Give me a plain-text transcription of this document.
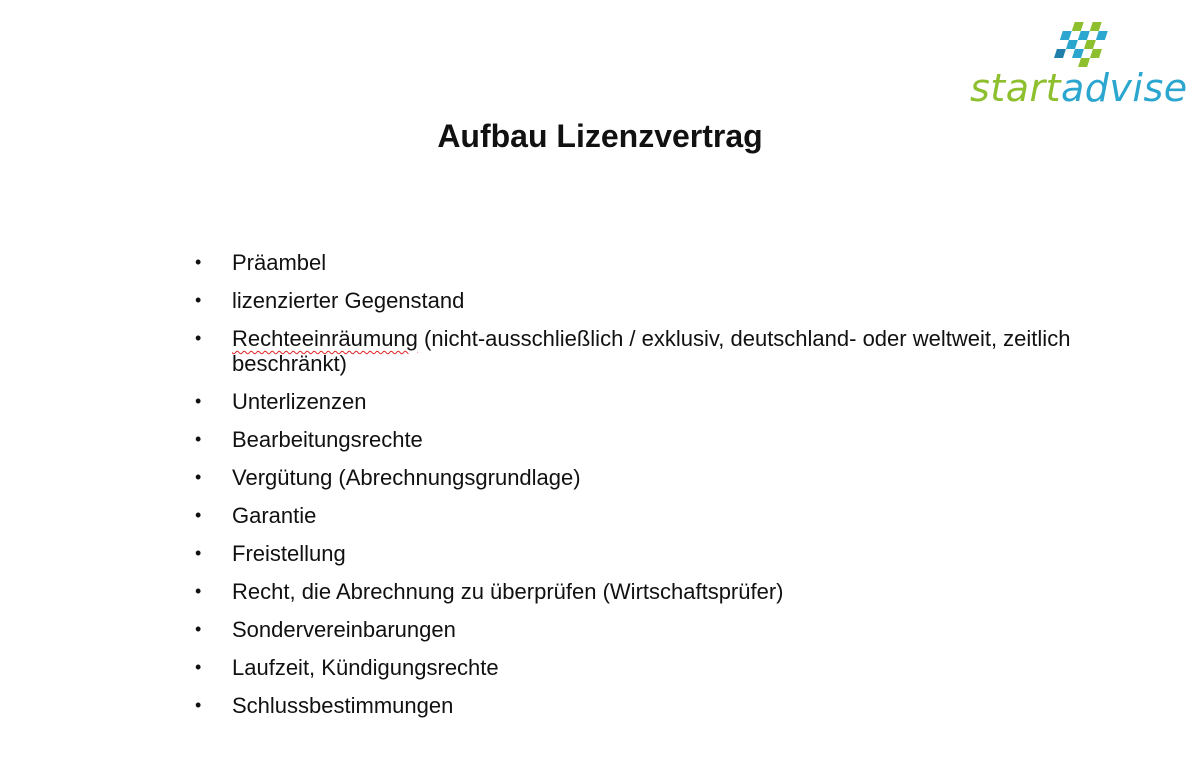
startadvise
Aufbau Lizenzvertrag
• Präambel
• lizenzierter Gegenstand
• Rechteeinräumung (nicht-ausschließlich / exklusiv, deutschland- oder weltweit, zeitlich beschränkt)
• Unterlizenzen
• Bearbeitungsrechte
• Vergütung (Abrechnungsgrundlage)
• Garantie
• Freistellung
• Recht, die Abrechnung zu überprüfen (Wirtschaftsprüfer)
• Sondervereinbarungen
• Laufzeit, Kündigungsrechte
• Schlussbestimmungen
